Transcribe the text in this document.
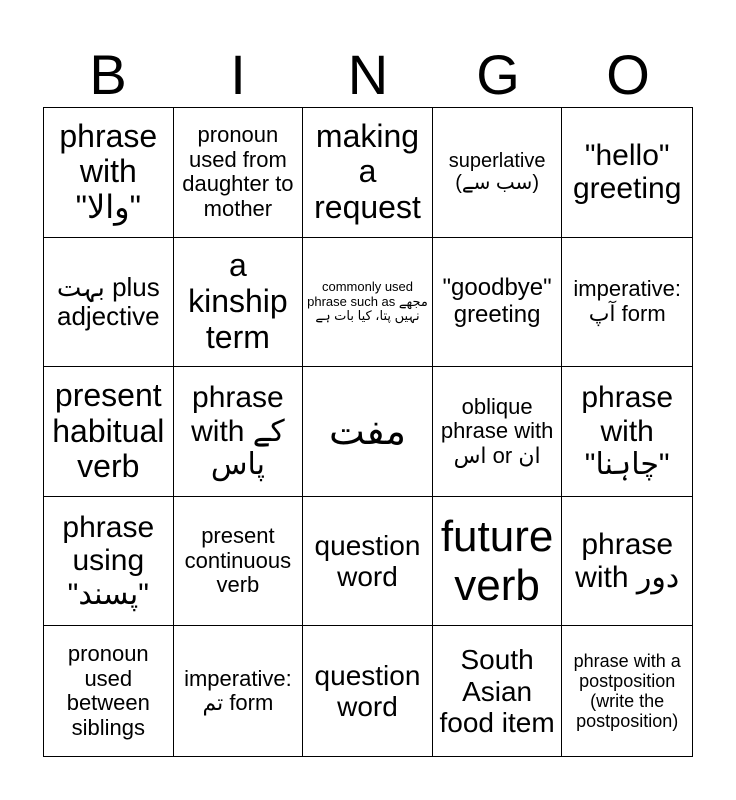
B	I	N	G	O
phrase with "والا"
pronoun used from daughter to mother
making a request
superlative (سب سے)
"hello" greeting
بہت plus adjective
a kinship term
commonly used phrase such as مجھے نہیں پتا، کیا بات ہے
"goodbye" greeting
imperative: آپ form
present habitual verb
phrase with کے پاس
مفت
oblique phrase with اس or ان
phrase with "چاہنا"
phrase using "پسند"
present continuous verb
question word
future verb
phrase with دور
pronoun used between siblings
imperative: تم form
question word
South Asian food item
phrase with a postposition (write the postposition)
